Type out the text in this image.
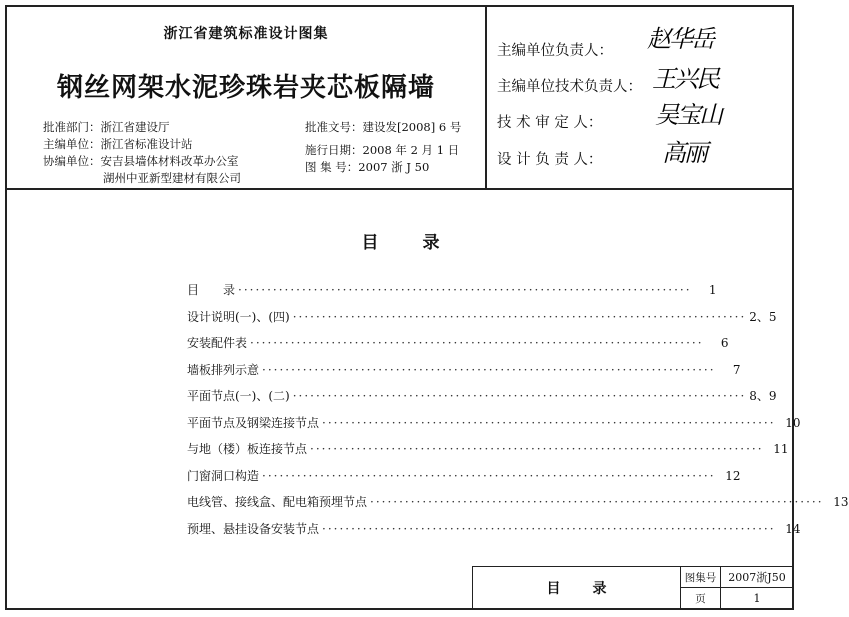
浙江省建筑标准设计图集
钢丝网架水泥珍珠岩夹芯板隔墙
批准部门：浙江省建设厅
主编单位：浙江省标准设计站
协编单位：安吉县墙体材料改革办公室
湖州中亚新型建材有限公司
批准文号：建设发[2008] 6 号
施行日期：2008 年 2 月 1 日
图 集 号：2007 浙 J 50
主编单位负责人： 赵华岳
主编单位技术负责人： 王兴民
技 术 审 定 人： 吴宝山
设 计 负 责 人： 高丽
目	录
目　　录 ··············································································	1
设计说明(一)、(四) ·············································································· 2、5
安装配件表 ··············································································	6
墙板排列示意 ··············································································	7
平面节点(一)、(二) ·············································································· 8、9
平面节点及钢梁连接节点 ·············································································· 10
与地（楼）板连接节点 ·············································································· 11
门窗洞口构造 ·············································································· 12
电线管、接线盒、配电箱预埋节点 ·············································································· 13
预埋、悬挂设备安装节点 ·············································································· 14
目 录
图集号	2007浙J50
页	1
